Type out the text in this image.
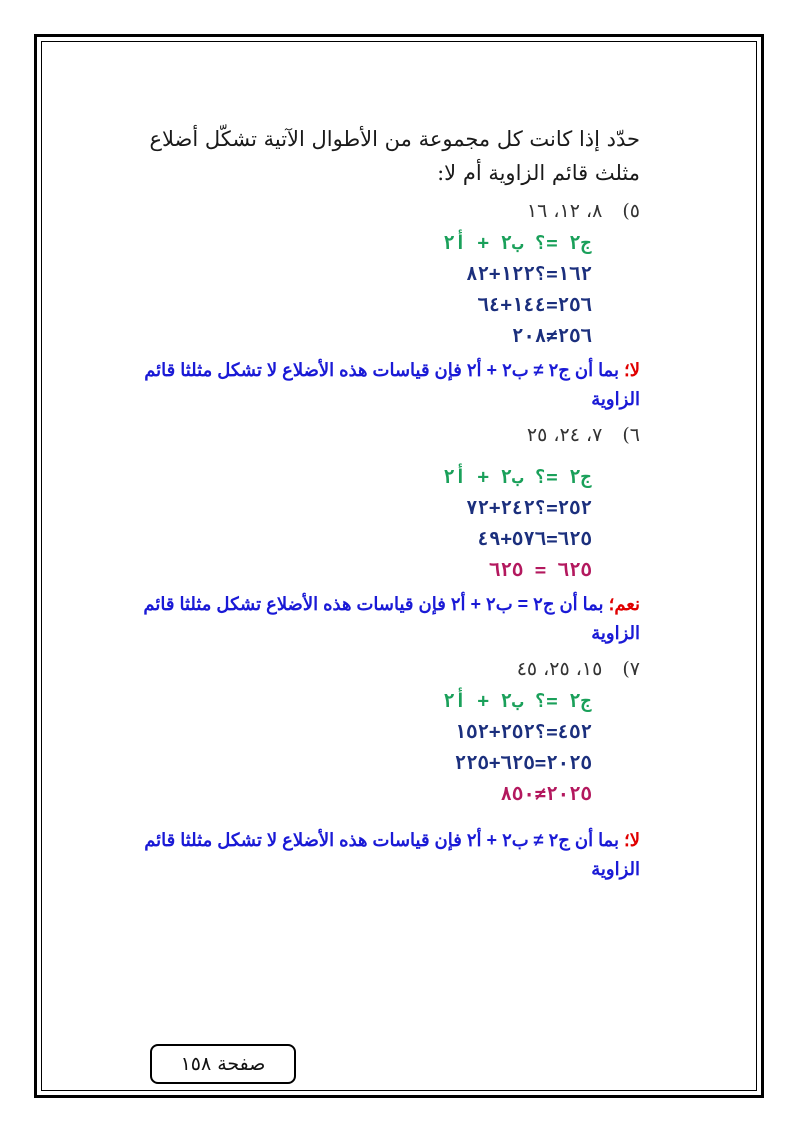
حدّد إذا كانت كل مجموعة من الأطوال الآتية تشكّل أضلاع مثلث قائم الزاوية أم لا:
٥) ٨، ١٢، ١٦
ج٢ =؟ ب٢ + أ٢
١٦٢=؟١٢٢+٨٢
٢٥٦=١٤٤+٦٤
٢٥٦≠٢٠٨
لا؛ بما أن ج٢ ≠ ب٢ + أ٢ فإن قياسات هذه الأضلاع لا تشكل مثلثا قائم الزاوية
٦) ٧، ٢٤، ٢٥
ج٢ =؟ ب٢ + أ٢
٢٥٢=؟٢٤٢+٧٢
٦٢٥=٥٧٦+٤٩
٦٢٥ = ٦٢٥
نعم؛ بما أن ج٢ = ب٢ + أ٢ فإن قياسات هذه الأضلاع تشكل مثلثا قائم الزاوية
٧) ١٥، ٢٥، ٤٥
ج٢ =؟ ب٢ + أ٢
٤٥٢=؟٢٥٢+١٥٢
٢٠٢٥=٦٢٥+٢٢٥
٢٠٢٥≠٨٥٠
لا؛ بما أن ج٢ ≠ ب٢ + أ٢ فإن قياسات هذه الأضلاع لا تشكل مثلثا قائم الزاوية
صفحة ١٥٨
